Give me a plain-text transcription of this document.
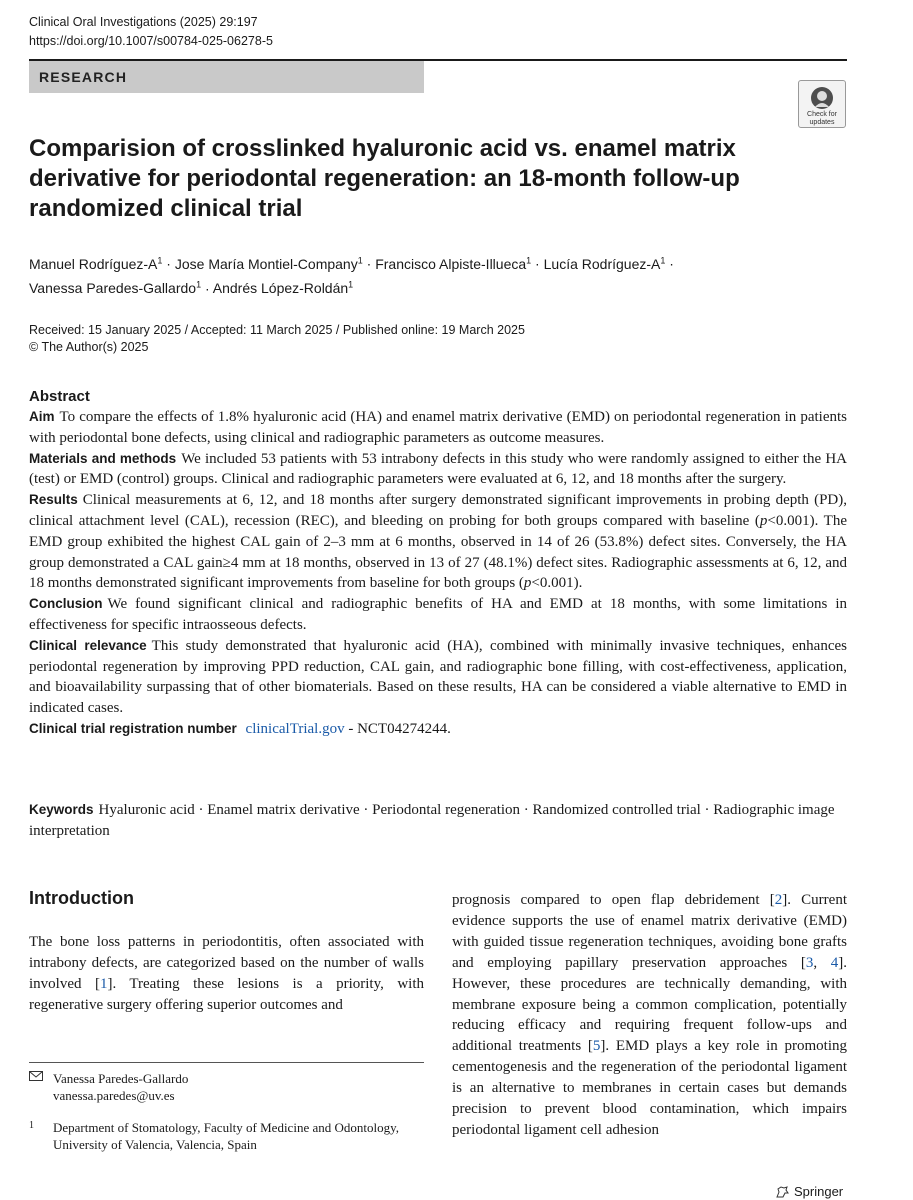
Clinical Oral Investigations (2025) 29:197
https://doi.org/10.1007/s00784-025-06278-5
RESEARCH
Check for
updates
Comparision of crosslinked hyaluronic acid vs. enamel matrix derivative for periodontal regeneration: an 18-month follow-up randomized clinical trial
Manuel Rodríguez-$A^1$ · Jose María Montiel-Company$^1$ · Francisco Alpiste-Illueca$^1$ · Lucía Rodríguez-$A^1$ ·
Vanessa Paredes-Gallardo$^1$ · Andrés López-Roldán$^1$
Received: 15 January 2025 / Accepted: 11 March 2025 / Published online: 19 March 2025
© The Author(s) 2025
Abstract

Aim To compare the effects of 1.8% hyaluronic acid (HA) and enamel matrix derivative (EMD) on periodontal regeneration in patients with periodontal bone defects, using clinical and radiographic parameters as outcome measures.

Materials and methods We included 53 patients with 53 intrabony defects in this study who were randomly assigned to either the HA (test) or EMD (control) groups. Clinical and radiographic parameters were evaluated at 6, 12, and 18 months after the surgery.

Results Clinical measurements at 6, 12, and 18 months after surgery demonstrated significant improvements in probing depth (PD), clinical attachment level (CAL), recession (REC), and bleeding on probing for both groups compared with baseline (p<0.001). The EMD group exhibited the highest CAL gain of 2–3 mm at 6 months, observed in 14 of 26 (53.8%) defect sites. Conversely, the HA group demonstrated a CAL gain≥4 mm at 18 months, observed in 13 of 27 (48.1%) defect sites. Radiographic assessments at 6, 12, and 18 months demonstrated significant improvements from baseline for both groups (p<0.001).

Conclusion We found significant clinical and radiographic benefits of HA and EMD at 18 months, with some limitations in effectiveness for specific intraosseous defects.

Clinical relevance This study demonstrated that hyaluronic acid (HA), combined with minimally invasive techniques, enhances periodontal regeneration by improving PPD reduction, CAL gain, and radiographic bone filling, with cost-effectiveness, application, and bioavailability surpassing that of other biomaterials. Based on these results, HA can be considered a viable alternative to EMD in indicated cases.

Clinical trial registration number clinicalTrial.gov - NCT04274244.

Keywords Hyaluronic acid · Enamel matrix derivative · Periodontal regeneration · Randomized controlled trial · Radiographic image interpretation

Introduction

The bone loss patterns in periodontitis, often associated with intrabony defects, are categorized based on the number of walls involved [1]. Treating these lesions is a priority, with regenerative surgery offering superior outcomes and

prognosis compared to open flap debridement [2]. Current evidence supports the use of enamel matrix derivative (EMD) with guided tissue regeneration techniques, avoiding bone grafts and employing papillary preservation approaches [3, 4]. However, these procedures are technically demanding, with membrane exposure being a common complication, potentially reducing efficacy and requiring frequent follow-ups and additional treatments [5]. EMD plays a key role in promoting cementogenesis and the regeneration of the periodontal ligament is an alternative to membranes in certain cases but demands precision to prevent blood contamination, which impairs periodontal ligament cell adhesion

Vanessa Paredes-Gallardo
vanessa.paredes@uv.es
1 Department of Stomatology, Faculty of Medicine and Odontology, University of Valencia, Valencia, Spain
Springer
